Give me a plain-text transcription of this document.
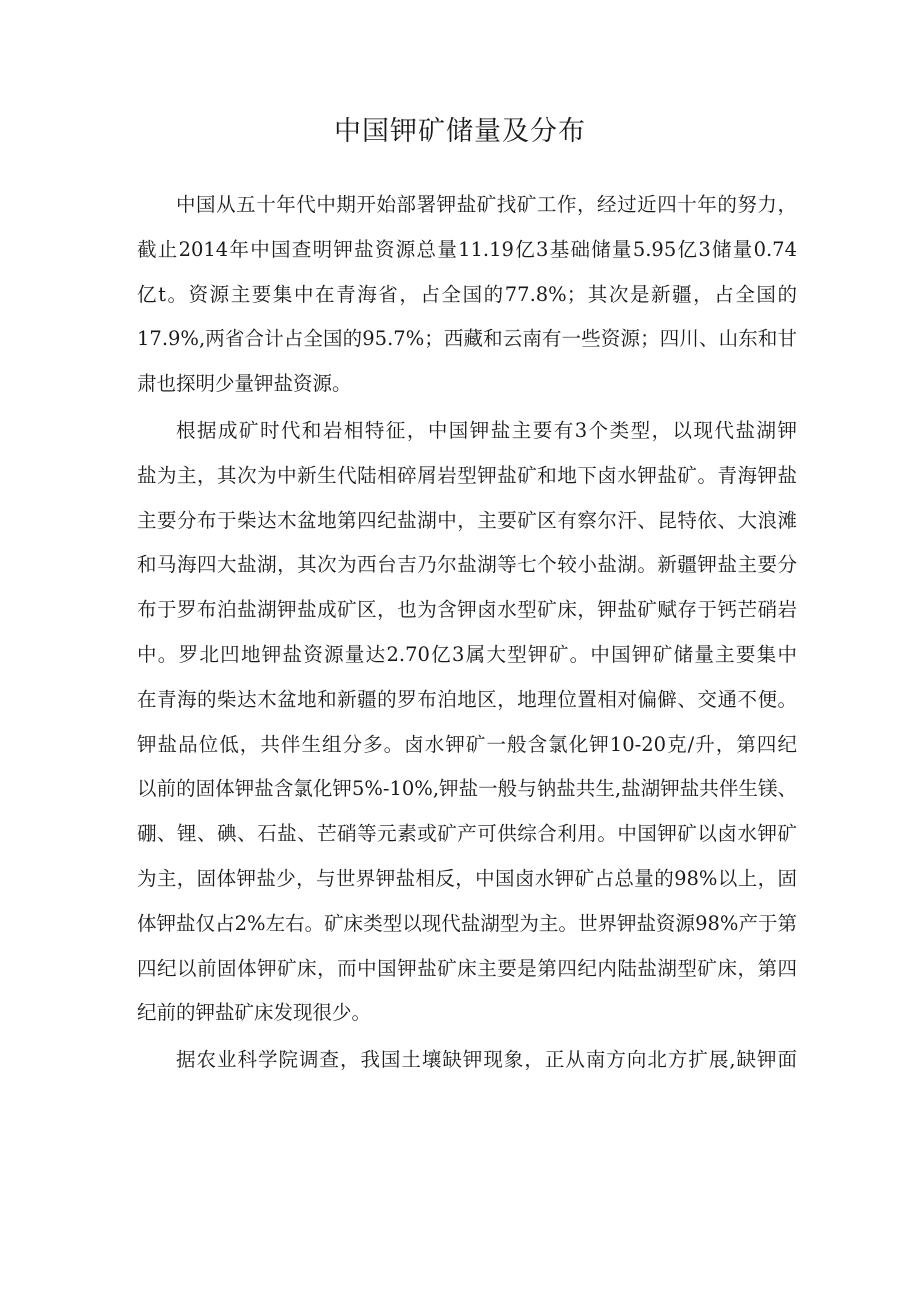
中国钾矿储量及分布

中国从五十年代中期开始部署钾盐矿找矿工作，经过近四十年的努力，
截止2014年中国查明钾盐资源总量11.19亿3基础储量5.95亿3储量0.74
亿t。资源主要集中在青海省，占全国的77.8%；其次是新疆，占全国的
17.9%,两省合计占全国的95.7%；西藏和云南有一些资源；四川、山东和甘
肃也探明少量钾盐资源。

根据成矿时代和岩相特征，中国钾盐主要有3个类型，以现代盐湖钾
盐为主，其次为中新生代陆相碎屑岩型钾盐矿和地下卤水钾盐矿。青海钾盐
主要分布于柴达木盆地第四纪盐湖中，主要矿区有察尔汗、昆特依、大浪滩
和马海四大盐湖，其次为西台吉乃尔盐湖等七个较小盐湖。新疆钾盐主要分
布于罗布泊盐湖钾盐成矿区，也为含钾卤水型矿床，钾盐矿赋存于钙芒硝岩
中。罗北凹地钾盐资源量达2.70亿3属大型钾矿。中国钾矿储量主要集中
在青海的柴达木盆地和新疆的罗布泊地区，地理位置相对偏僻、交通不便。
钾盐品位低，共伴生组分多。卤水钾矿一般含氯化钾10-20克/升，第四纪
以前的固体钾盐含氯化钾5%-10%,钾盐一般与钠盐共生,盐湖钾盐共伴生镁、
硼、锂、碘、石盐、芒硝等元素或矿产可供综合利用。中国钾矿以卤水钾矿
为主，固体钾盐少，与世界钾盐相反，中国卤水钾矿占总量的98%以上，固
体钾盐仅占2%左右。矿床类型以现代盐湖型为主。世界钾盐资源98%产于第
四纪以前固体钾矿床，而中国钾盐矿床主要是第四纪内陆盐湖型矿床，第四
纪前的钾盐矿床发现很少。

据农业科学院调查，我国土壤缺钾现象，正从南方向北方扩展,缺钾面
